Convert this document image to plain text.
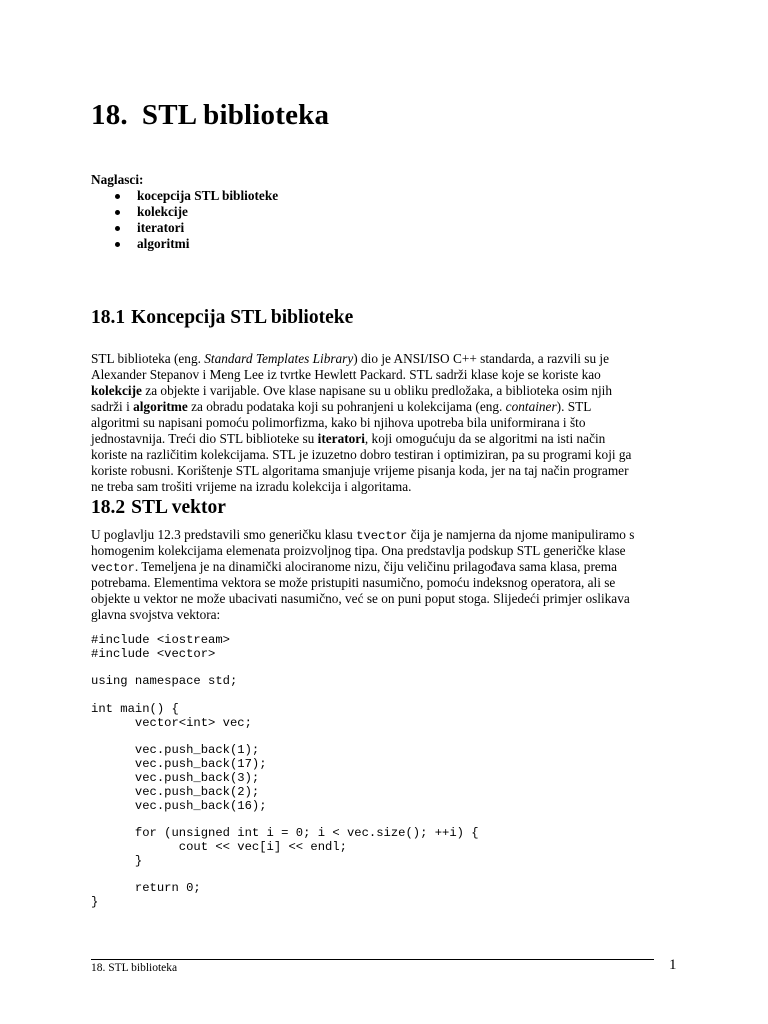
18. STL biblioteka
Naglasci:
kocepcija STL biblioteke
kolekcije
iteratori
algoritmi
18.1 Koncepcija STL biblioteke
STL biblioteka (eng. Standard Templates Library) dio je ANSI/ISO C++ standarda, a razvili su je
Alexander Stepanov i Meng Lee iz tvrtke Hewlett Packard. STL sadrži klase koje se koriste kao
kolekcije za objekte i varijable. Ove klase napisane su u obliku predložaka, a biblioteka osim njih
sadrži i algoritme za obradu podataka koji su pohranjeni u kolekcijama (eng. container). STL
algoritmi su napisani pomoću polimorfizma, kako bi njihova upotreba bila uniformirana i što
jednostavnija. Treći dio STL biblioteke su iteratori, koji omogućuju da se algoritmi na isti način
koriste na različitim kolekcijama. STL je izuzetno dobro testiran i optimiziran, pa su programi koji ga
koriste robusni. Korištenje STL algoritama smanjuje vrijeme pisanja koda, jer na taj način programer
ne treba sam trošiti vrijeme na izradu kolekcija i algoritama.
18.2 STL vektor
U poglavlju 12.3 predstavili smo generičku klasu tvector čija je namjerna da njome manipuliramo s
homogenim kolekcijama elemenata proizvoljnog tipa. Ona predstavlja podskup STL generičke klase
vector. Temeljena je na dinamički alociranome nizu, čiju veličinu prilagođava sama klasa, prema
potrebama. Elementima vektora se može pristupiti nasumično, pomoću indeksnog operatora, ali se
objekte u vektor ne može ubacivati nasumično, već se on puni poput stoga. Slijedeći primjer oslikava
glavna svojstva vektora:
#include <iostream>
#include <vector>
using namespace std;
int main() {
vector<int> vec;
vec.push_back(1);
vec.push_back(17);
vec.push_back(3);
vec.push_back(2);
vec.push_back(16);
for (unsigned int i = 0; i < vec.size(); ++i) {
cout << vec[i] << endl;
}
return 0;
}
18. STL biblioteka	1
